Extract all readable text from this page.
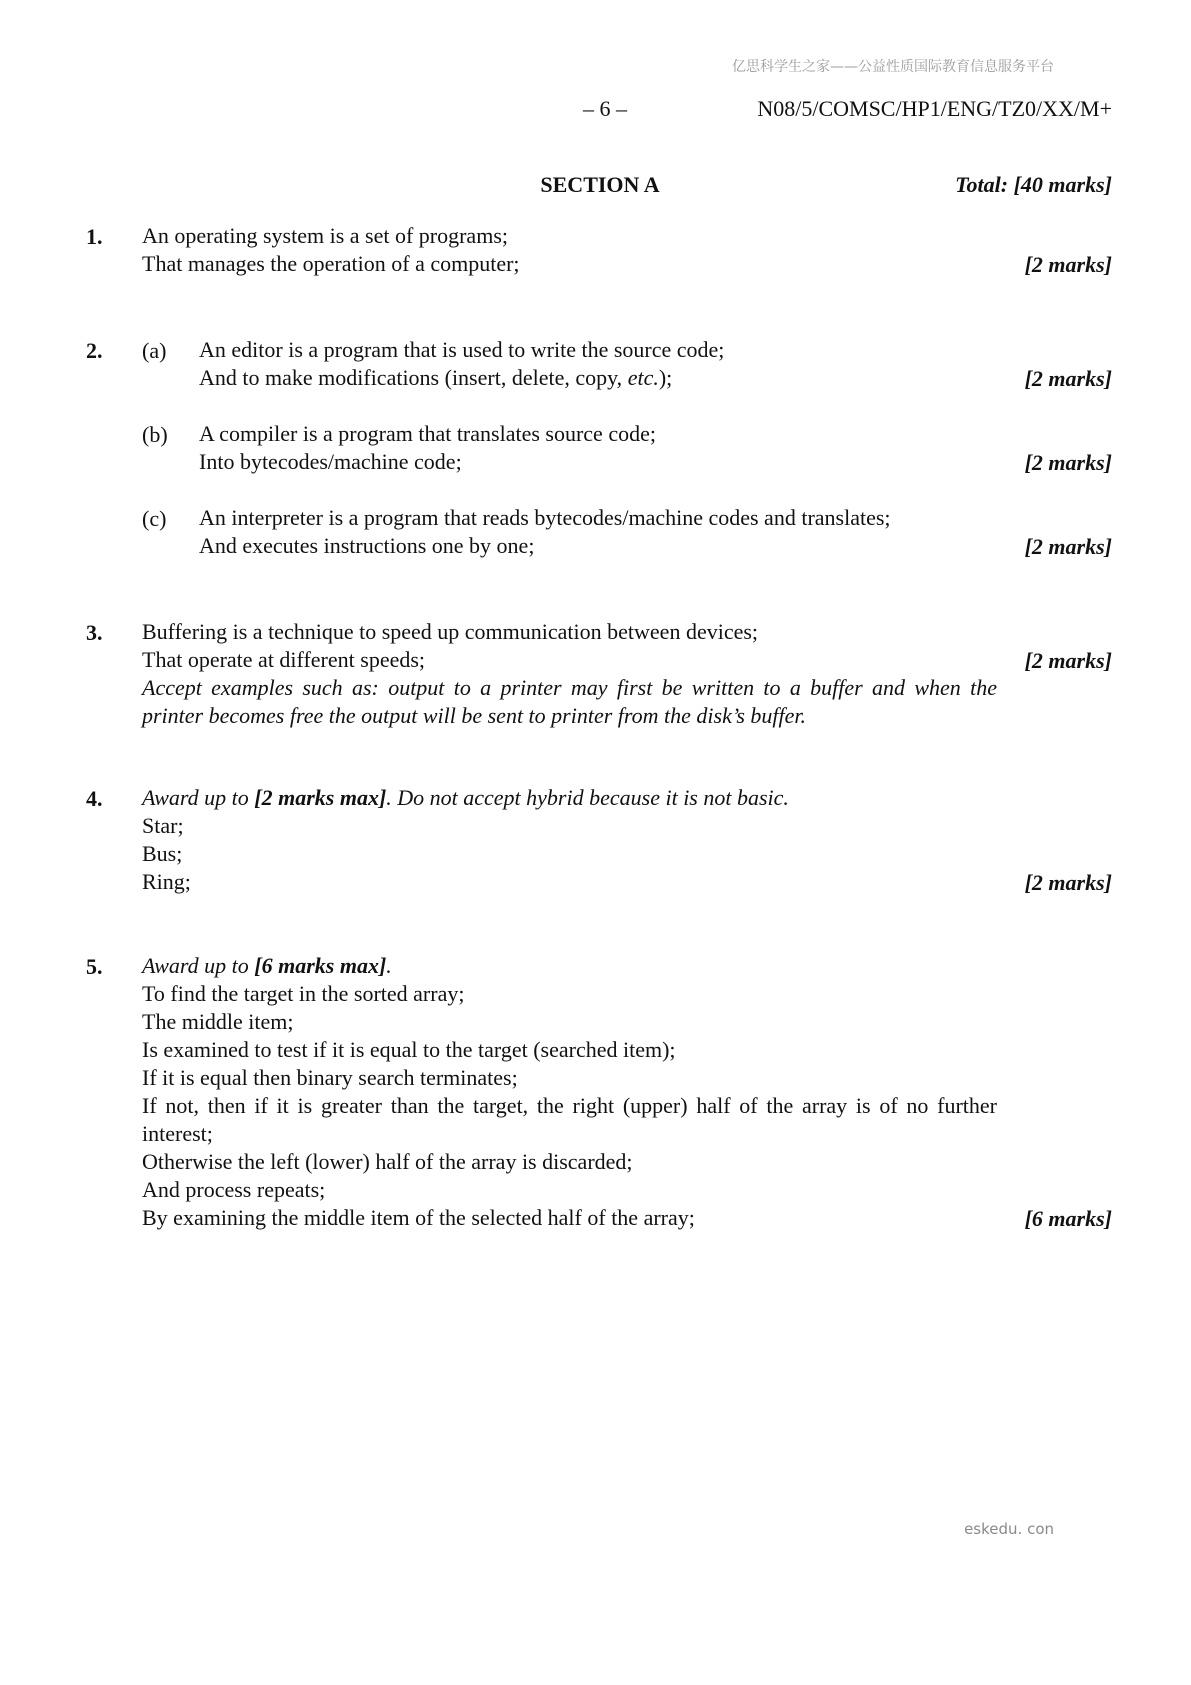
亿思科学生之家——公益性质国际教育信息服务平台
– 6 –	N08/5/COMSC/HP1/ENG/TZ0/XX/M+
SECTION A	Total: [40 marks]
1. An operating system is a set of programs;
That manages the operation of a computer;	[2 marks]
2. (a) An editor is a program that is used to write the source code;
And to make modifications (insert, delete, copy, etc.);	[2 marks]
(b) A compiler is a program that translates source code;
Into bytecodes/machine code;	[2 marks]
(c) An interpreter is a program that reads bytecodes/machine codes and translates;
And executes instructions one by one;	[2 marks]
3. Buffering is a technique to speed up communication between devices;
That operate at different speeds;	[2 marks]
Accept examples such as: output to a printer may first be written to a buffer and when the printer becomes free the output will be sent to printer from the disk’s buffer.
4. Award up to [2 marks max]. Do not accept hybrid because it is not basic.
Star;
Bus;
Ring;	[2 marks]
5. Award up to [6 marks max].
To find the target in the sorted array;
The middle item;
Is examined to test if it is equal to the target (searched item);
If it is equal then binary search terminates;
If not, then if it is greater than the target, the right (upper) half of the array is of no further interest;
Otherwise the left (lower) half of the array is discarded;
And process repeats;
By examining the middle item of the selected half of the array;	[6 marks]
eskedu. con
